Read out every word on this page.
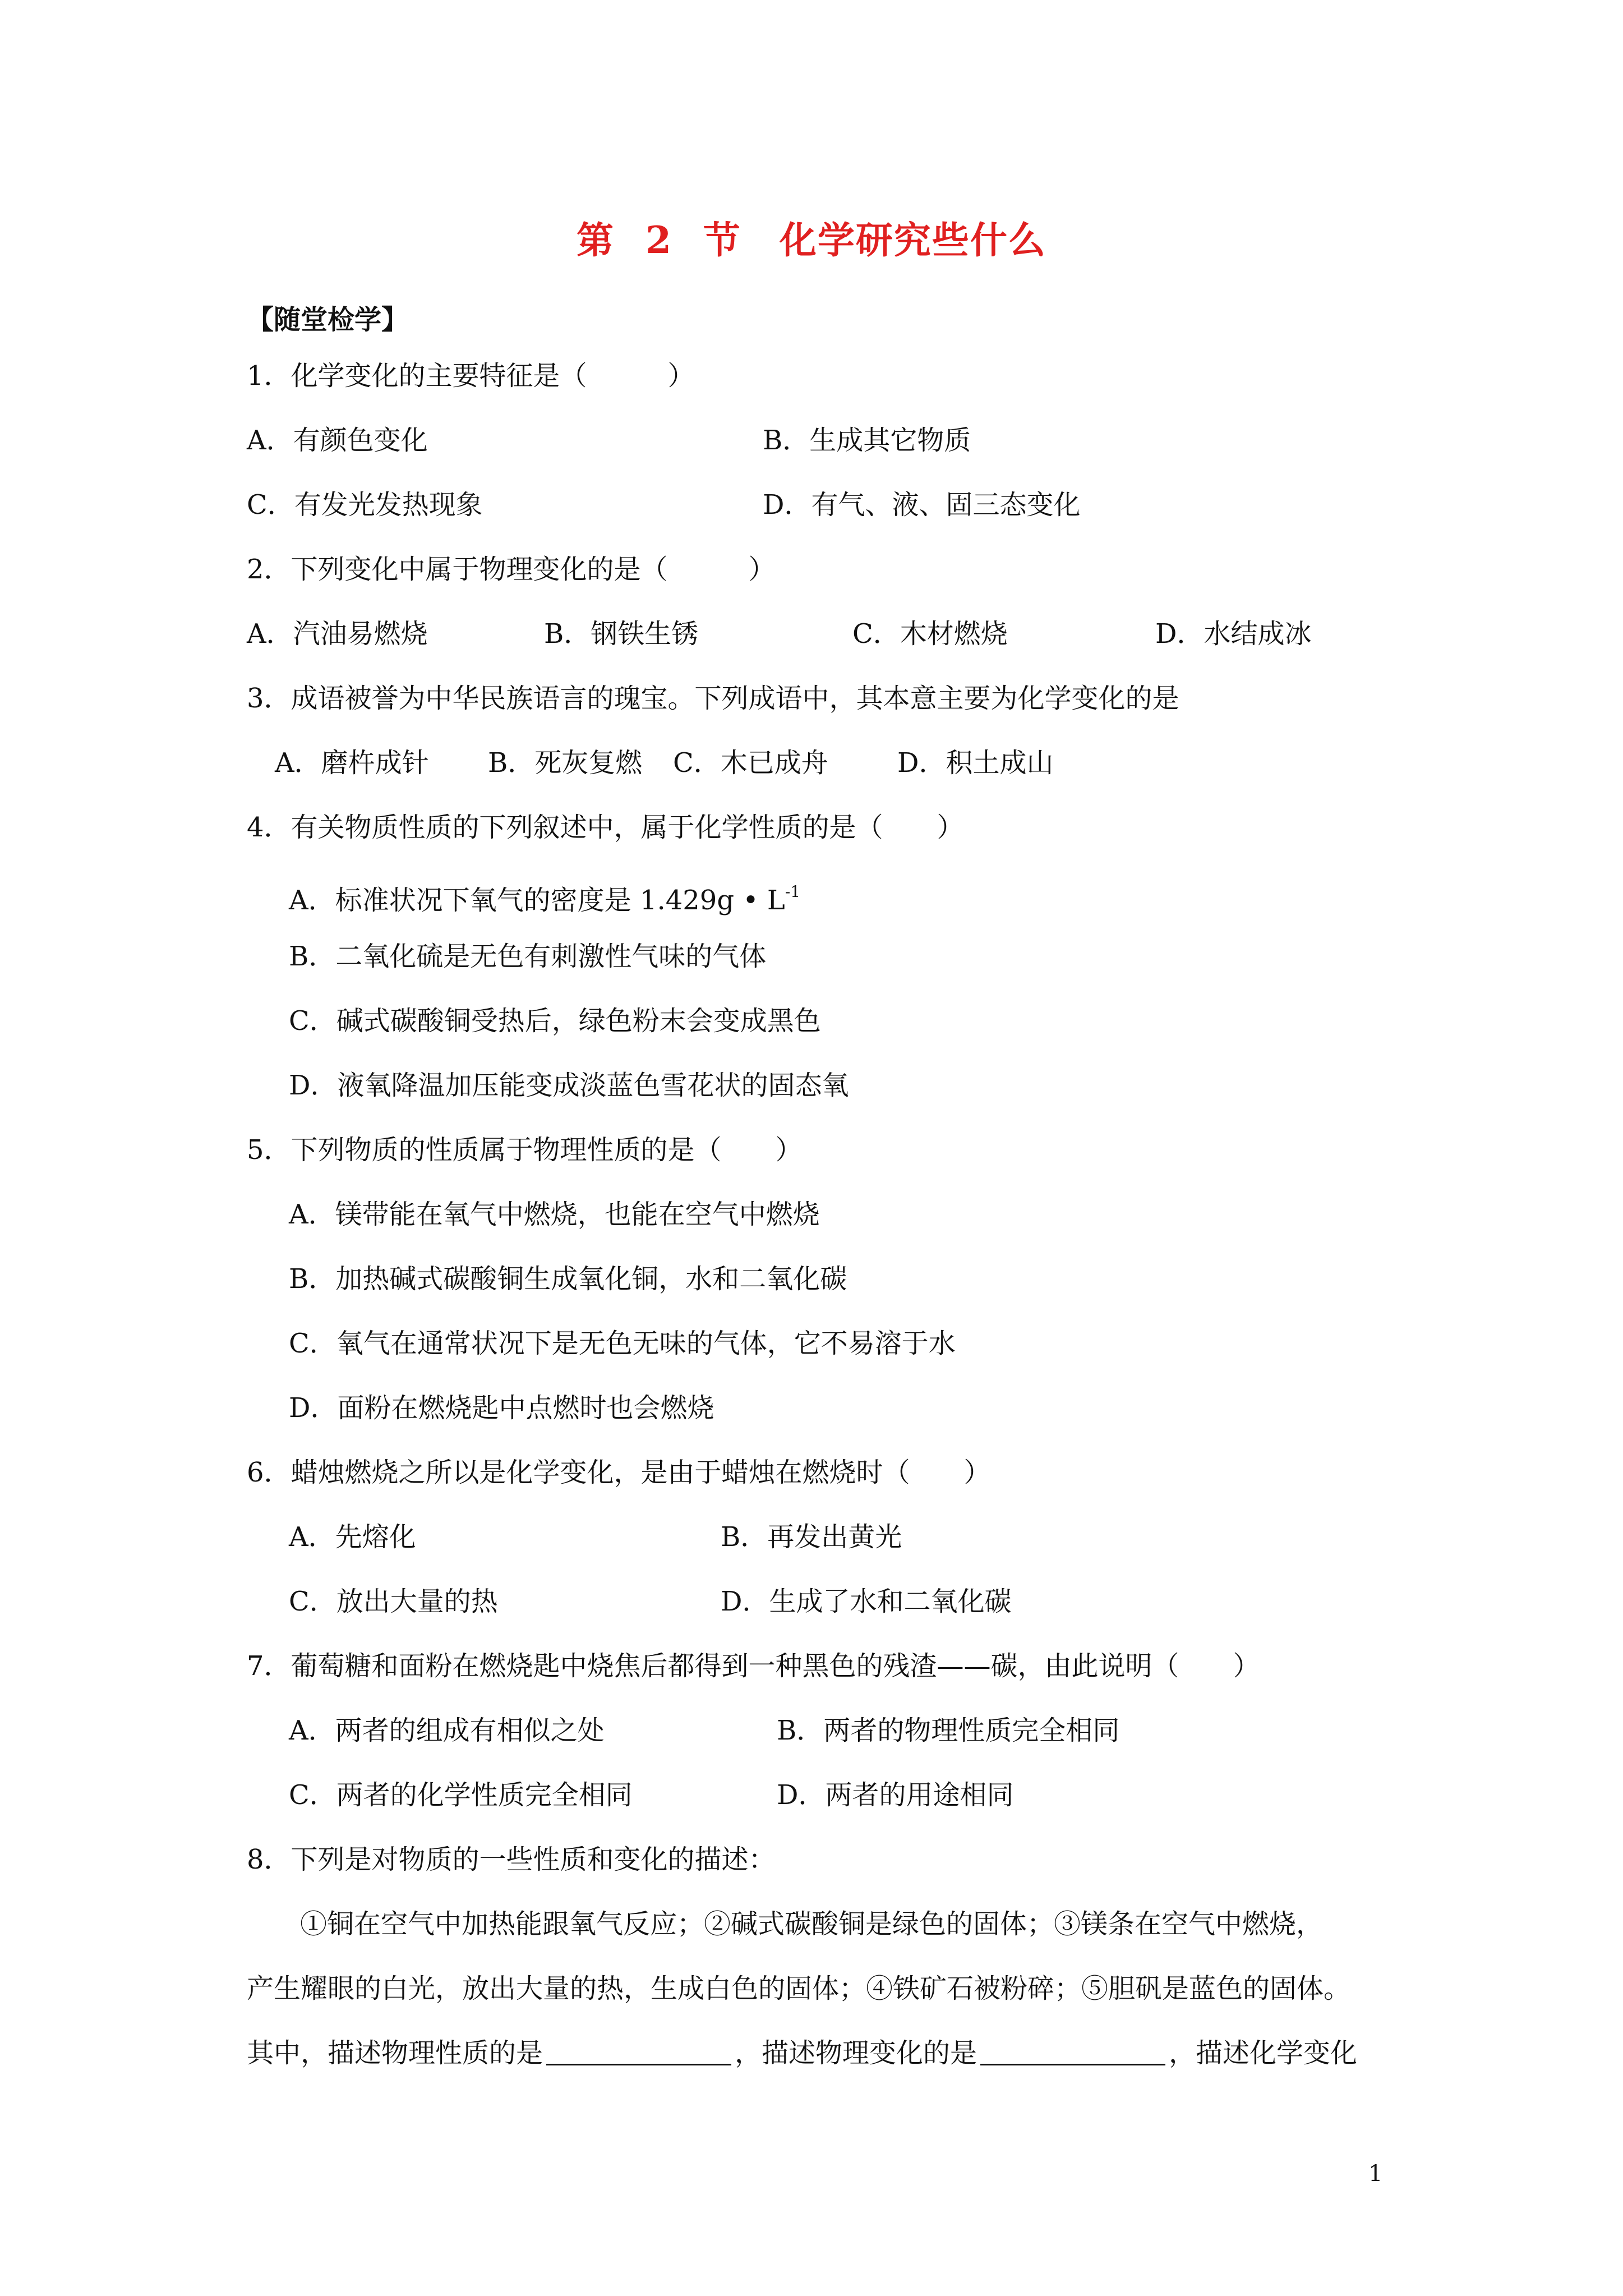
第 2 节　化学研究些什么
【随堂检学】
1．化学变化的主要特征是（　　　）
A．有颜色变化	B．生成其它物质
C．有发光发热现象	D．有气、液、固三态变化
2．下列变化中属于物理变化的是（　　　）
A．汽油易燃烧	B．钢铁生锈	C．木材燃烧	D．水结成冰
3．成语被誉为中华民族语言的瑰宝。下列成语中，其本意主要为化学变化的是
A．磨杵成针 B．死灰复燃 C．木已成舟	D．积土成山
4．有关物质性质的下列叙述中，属于化学性质的是（　　）
A．标准状况下氧气的密度是 1.429g • $L^{-1}$
B．二氧化硫是无色有刺激性气味的气体
C．碱式碳酸铜受热后，绿色粉末会变成黑色
D．液氧降温加压能变成淡蓝色雪花状的固态氧
5．下列物质的性质属于物理性质的是（　　）
A．镁带能在氧气中燃烧，也能在空气中燃烧
B．加热碱式碳酸铜生成氧化铜，水和二氧化碳
C．氧气在通常状况下是无色无味的气体，它不易溶于水
D．面粉在燃烧匙中点燃时也会燃烧
6．蜡烛燃烧之所以是化学变化，是由于蜡烛在燃烧时（　　）
A．先熔化	B．再发出黄光
C．放出大量的热	D．生成了水和二氧化碳
7．葡萄糖和面粉在燃烧匙中烧焦后都得到一种黑色的残渣——碳，由此说明（　　）
A．两者的组成有相似之处	B．两者的物理性质完全相同
C．两者的化学性质完全相同	D．两者的用途相同
8．下列是对物质的一些性质和变化的描述：
①铜在空气中加热能跟氧气反应；②碱式碳酸铜是绿色的固体；③镁条在空气中燃烧，
产生耀眼的白光，放出大量的热，生成白色的固体；④铁矿石被粉碎；⑤胆矾是蓝色的固体。
其中，描述物理性质的是	，描述物理变化的是	，描述化学变化
1
